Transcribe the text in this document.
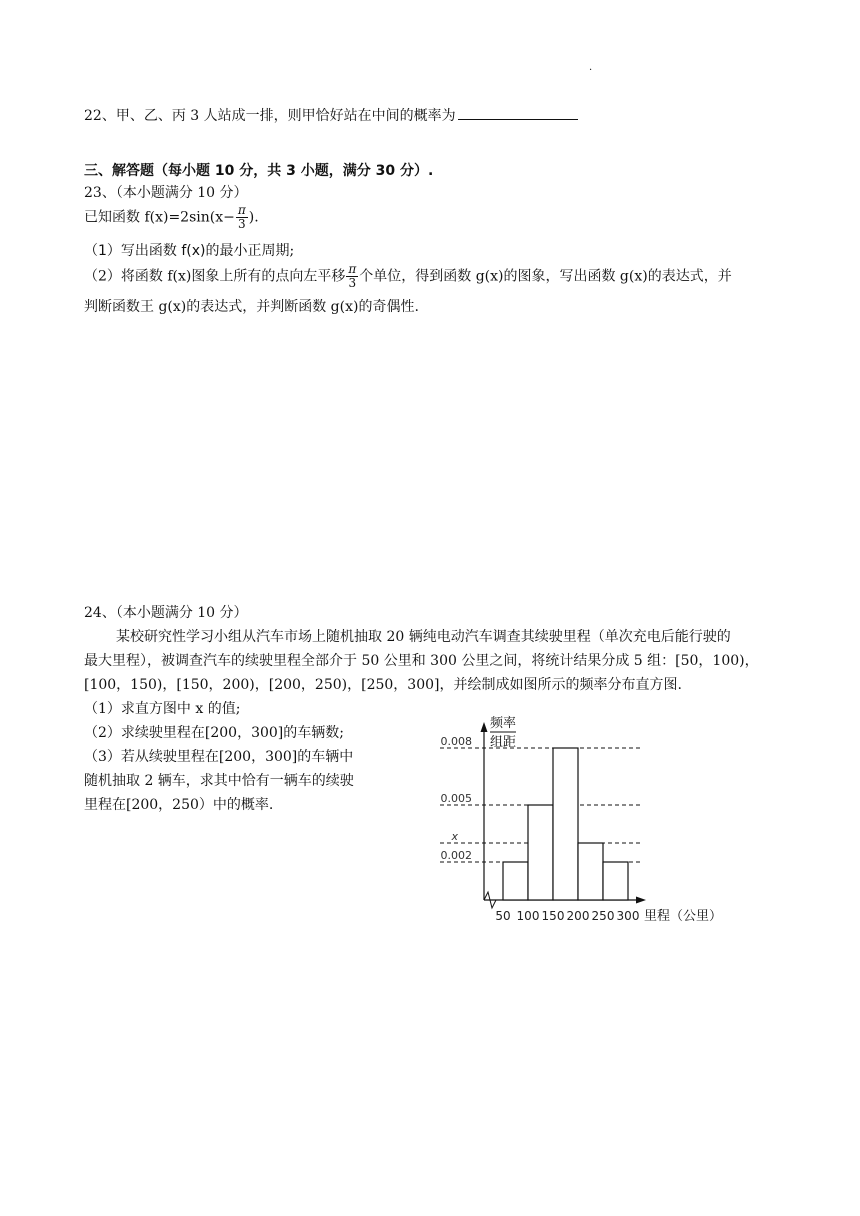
.
22、甲、乙、丙 3 人站成一排，则甲恰好站在中间的概率为
三、解答题（每小题 10 分，共 3 小题，满分 30 分）.
23、（本小题满分 10 分）
已知函数 $f(x)=2\sin(x- \frac{\pi}{3}$ ).
（1）写出函数 f(x)的最小正周期;
（2）将函数 f(x)图象上所有的点向左平移 $\frac{\pi}{3}$ 个单位，得到函数 g(x)的图象，写出函数 g(x)的表达式，并
判断函数王 g(x)的表达式，并判断函数 g(x)的奇偶性.
24、（本小题满分 10 分）
某校研究性学习小组从汽车市场上随机抽取 20 辆纯电动汽车调查其续驶里程（单次充电后能行驶的
最大里程），被调查汽车的续驶里程全部介于 50 公里和 300 公里之间，将统计结果分成 5 组：[50，100)，
[100，150)，[150，200)，[200，250)，[250，300]，并绘制成如图所示的频率分布直方图.
（1）求直方图中 x 的值;
（2）求续驶里程在[200，300]的车辆数;
（3）若从续驶里程在[200，300]的车辆中
随机抽取 2 辆车，求其中恰有一辆车的续驶
里程在[200，250）中的概率.
频率
组距
里程（公里）
0.008
0.005
x
0.002
50 100 150 200 250 300
